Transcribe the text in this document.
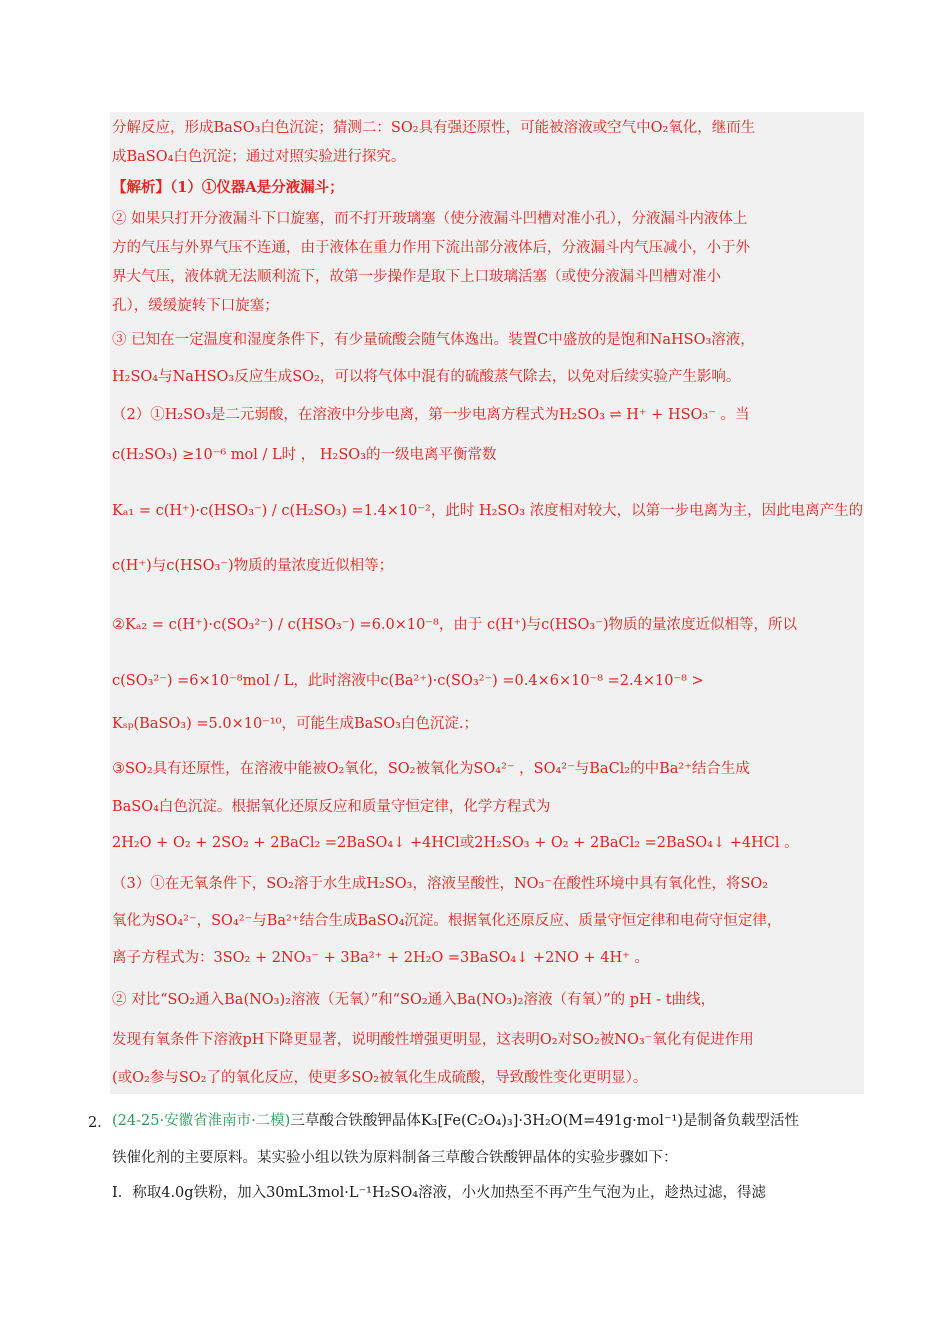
分解反应，形成BaSO₃白色沉淀；猜测二：SO₂具有强还原性，可能被溶液或空气中O₂氧化，继而生
成BaSO₄白色沉淀；通过对照实验进行探究。
【解析】（1）①仪器A是分液漏斗；
② 如果只打开分液漏斗下口旋塞，而不打开玻璃塞（使分液漏斗凹槽对准小孔），分液漏斗内液体上
方的气压与外界气压不连通，由于液体在重力作用下流出部分液体后，分液漏斗内气压减小，小于外
界大气压，液体就无法顺利流下，故第一步操作是取下上口玻璃活塞（或使分液漏斗凹槽对准小
孔），缓缓旋转下口旋塞；
③ 已知在一定温度和湿度条件下，有少量硫酸会随气体逸出。装置C中盛放的是饱和NaHSO₃溶液，
H₂SO₄与NaHSO₃反应生成SO₂，可以将气体中混有的硫酸蒸气除去，以免对后续实验产生影响。
（2）①H₂SO₃是二元弱酸，在溶液中分步电离，第一步电离方程式为H₂SO₃ ⇌ H⁺ + HSO₃⁻ 。当
c(H₂SO₃) ≥10⁻⁶ mol / L时 ， H₂SO₃的一级电离平衡常数
Kₐ₁ = c(H⁺)·c(HSO₃⁻) / c(H₂SO₃) =1.4×10⁻²，此时 H₂SO₃ 浓度相对较大，以第一步电离为主，因此电离产生的
c(H⁺)与c(HSO₃⁻)物质的量浓度近似相等；
②Kₐ₂ = c(H⁺)·c(SO₃²⁻) / c(HSO₃⁻) =6.0×10⁻⁸，由于 c(H⁺)与c(HSO₃⁻)物质的量浓度近似相等，所以
c(SO₃²⁻) =6×10⁻⁸mol / L，此时溶液中c(Ba²⁺)·c(SO₃²⁻) =0.4×6×10⁻⁸ =2.4×10⁻⁸ >
Kₛₚ(BaSO₃) =5.0×10⁻¹⁰，可能生成BaSO₃白色沉淀.；
③SO₂具有还原性，在溶液中能被O₂氧化，SO₂被氧化为SO₄²⁻ ，SO₄²⁻与BaCl₂的中Ba²⁺结合生成
BaSO₄白色沉淀。根据氧化还原反应和质量守恒定律，化学方程式为
2H₂O + O₂ + 2SO₂ + 2BaCl₂ =2BaSO₄↓ +4HCl或2H₂SO₃ + O₂ + 2BaCl₂ =2BaSO₄↓ +4HCl 。
（3）①在无氧条件下，SO₂溶于水生成H₂SO₃，溶液呈酸性，NO₃⁻在酸性环境中具有氧化性，将SO₂
氧化为SO₄²⁻，SO₄²⁻与Ba²⁺结合生成BaSO₄沉淀。根据氧化还原反应、质量守恒定律和电荷守恒定律，
离子方程式为：3SO₂ + 2NO₃⁻ + 3Ba²⁺ + 2H₂O =3BaSO₄↓ +2NO + 4H⁺ 。
② 对比“SO₂通入Ba(NO₃)₂溶液（无氧）”和“SO₂通入Ba(NO₃)₂溶液（有氧）”的 pH - t曲线，
发现有氧条件下溶液pH下降更显著，说明酸性增强更明显，这表明O₂对SO₂被NO₃⁻氧化有促进作用
(或O₂参与SO₂了的氧化反应，使更多SO₂被氧化生成硫酸，导致酸性变化更明显）。
2． (24-25·安徽省淮南市·二模)三草酸合铁酸钾晶体K₃[Fe(C₂O₄)₃]·3H₂O(M=491g·mol⁻¹)是制备负载型活性
铁催化剂的主要原料。某实验小组以铁为原料制备三草酸合铁酸钾晶体的实验步骤如下：
I．称取4.0g铁粉，加入30mL3mol·L⁻¹H₂SO₄溶液，小火加热至不再产生气泡为止，趁热过滤，得滤
